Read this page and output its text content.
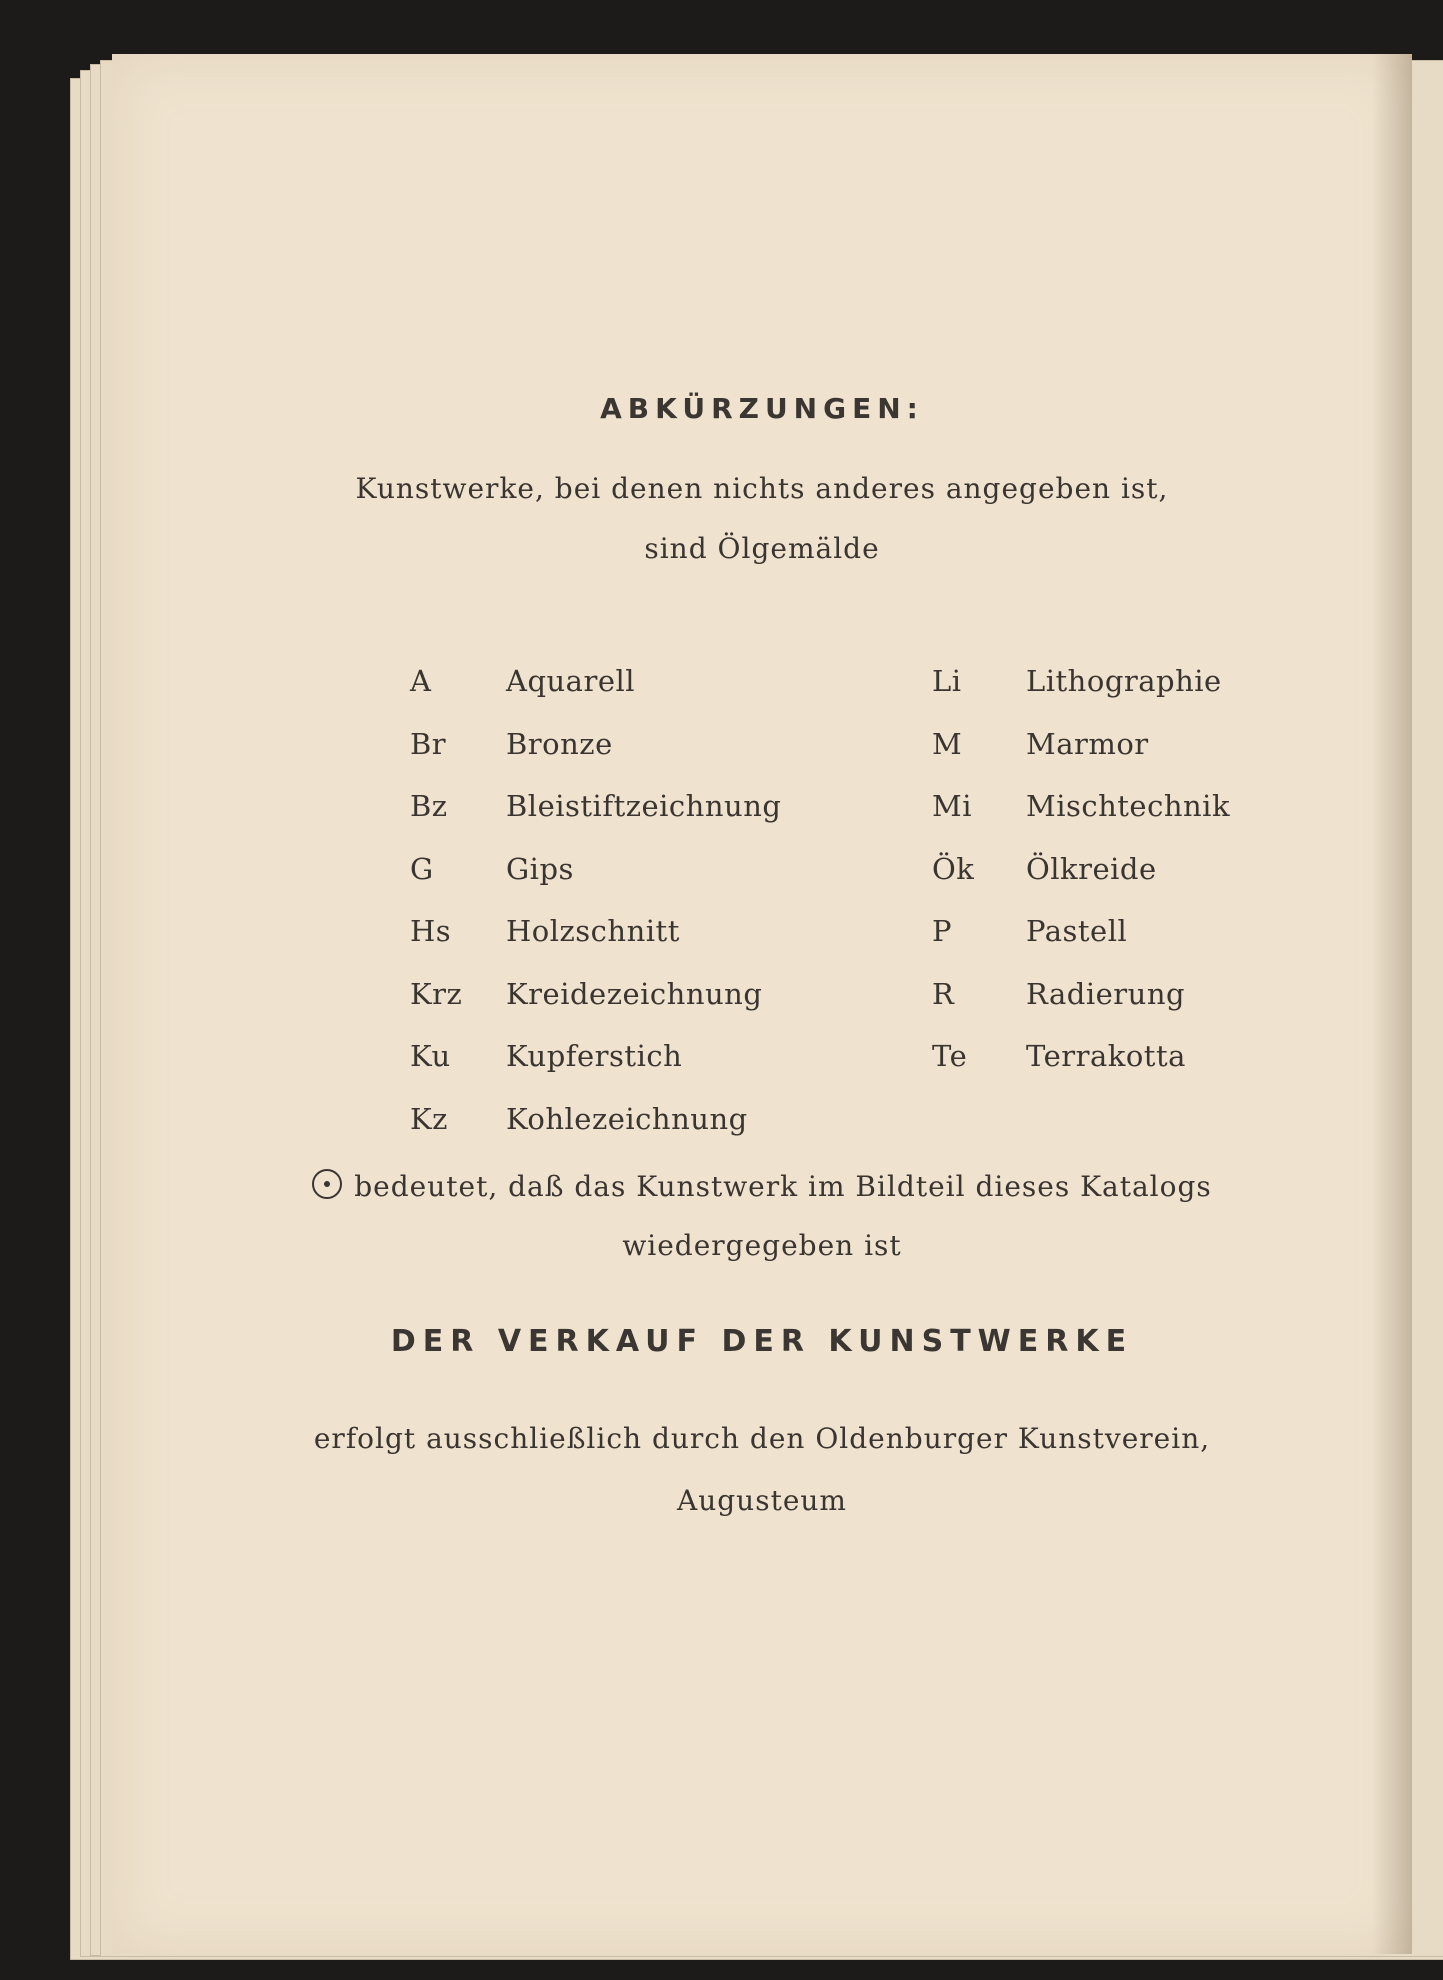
ABKÜRZUNGEN:
Kunstwerke, bei denen nichts anderes angegeben ist,
sind Ölgemälde
A	Aquarell
Br Bronze
Bz Bleistiftzeichnung
G Gips
Hs Holzschnitt
Krz Kreidezeichnung
Ku Kupferstich
Kz Kohlezeichnung
Li Lithographie
M Marmor
Mi Mischtechnik
Ök Ölkreide
P	Pastell
R Radierung
Te Terrakotta
bedeutet, daß das Kunstwerk im Bildteil dieses Katalogs
wiedergegeben ist
DER VERKAUF DER KUNSTWERKE
erfolgt ausschließlich durch den Oldenburger Kunstverein,
Augusteum
